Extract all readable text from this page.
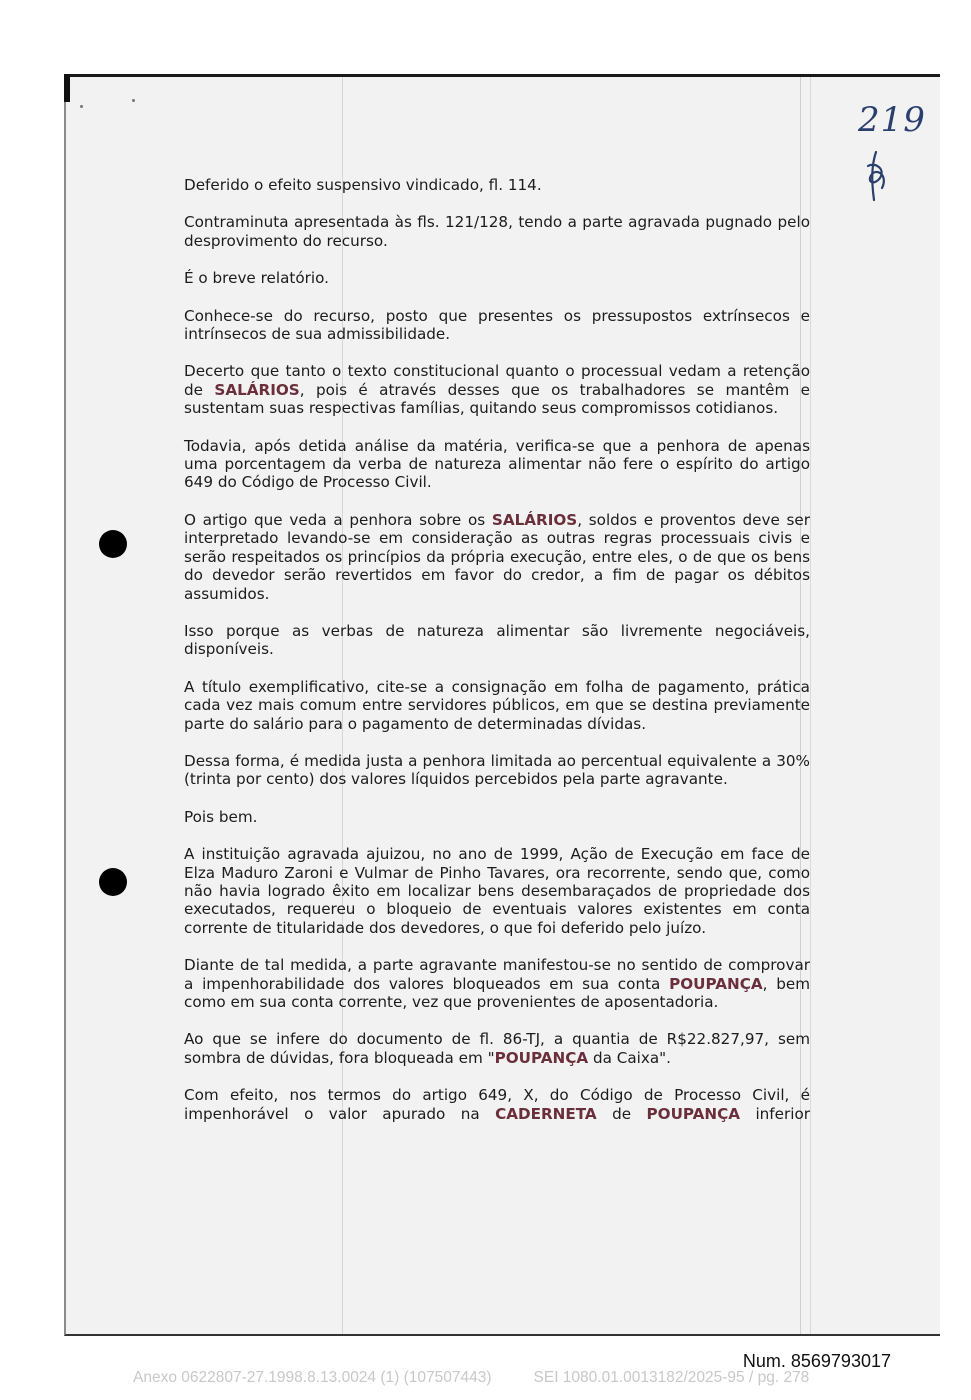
219

Deferido o efeito suspensivo vindicado, fl. 114.

Contraminuta apresentada às fls. 121/128, tendo a parte agravada pugnado pelo desprovimento do recurso.

É o breve relatório.

Conhece-se do recurso, posto que presentes os pressupostos extrínsecos e intrínsecos de sua admissibilidade.

Decerto que tanto o texto constitucional quanto o processual vedam a retenção de SALÁRIOS, pois é através desses que os trabalhadores se mantêm e sustentam suas respectivas famílias, quitando seus compromissos cotidianos.

Todavia, após detida análise da matéria, verifica-se que a penhora de apenas uma porcentagem da verba de natureza alimentar não fere o espírito do artigo 649 do Código de Processo Civil.

O artigo que veda a penhora sobre os SALÁRIOS, soldos e proventos deve ser interpretado levando-se em consideração as outras regras processuais civis e serão respeitados os princípios da própria execução, entre eles, o de que os bens do devedor serão revertidos em favor do credor, a fim de pagar os débitos assumidos.

Isso porque as verbas de natureza alimentar são livremente negociáveis, disponíveis.

A título exemplificativo, cite-se a consignação em folha de pagamento, prática cada vez mais comum entre servidores públicos, em que se destina previamente parte do salário para o pagamento de determinadas dívidas.

Dessa forma, é medida justa a penhora limitada ao percentual equivalente a 30% (trinta por cento) dos valores líquidos percebidos pela parte agravante.

Pois bem.

A instituição agravada ajuizou, no ano de 1999, Ação de Execução em face de Elza Maduro Zaroni e Vulmar de Pinho Tavares, ora recorrente, sendo que, como não havia logrado êxito em localizar bens desembaraçados de propriedade dos executados, requereu o bloqueio de eventuais valores existentes em conta corrente de titularidade dos devedores, o que foi deferido pelo juízo.

Diante de tal medida, a parte agravante manifestou-se no sentido de comprovar a impenhorabilidade dos valores bloqueados em sua conta POUPANÇA, bem como em sua conta corrente, vez que provenientes de aposentadoria.

Ao que se infere do documento de fl. 86-TJ, a quantia de R$22.827,97, sem sombra de dúvidas, fora bloqueada em "POUPANÇA da Caixa".

Com efeito, nos termos do artigo 649, X, do Código de Processo Civil, é impenhorável o valor apurado na CADERNETA de POUPANÇA inferior

Num. 8569793017
Anexo 0622807-27.1998.8.13.0024 (1) (107507443)	SEI 1080.01.0013182/2025-95 / pg. 278
